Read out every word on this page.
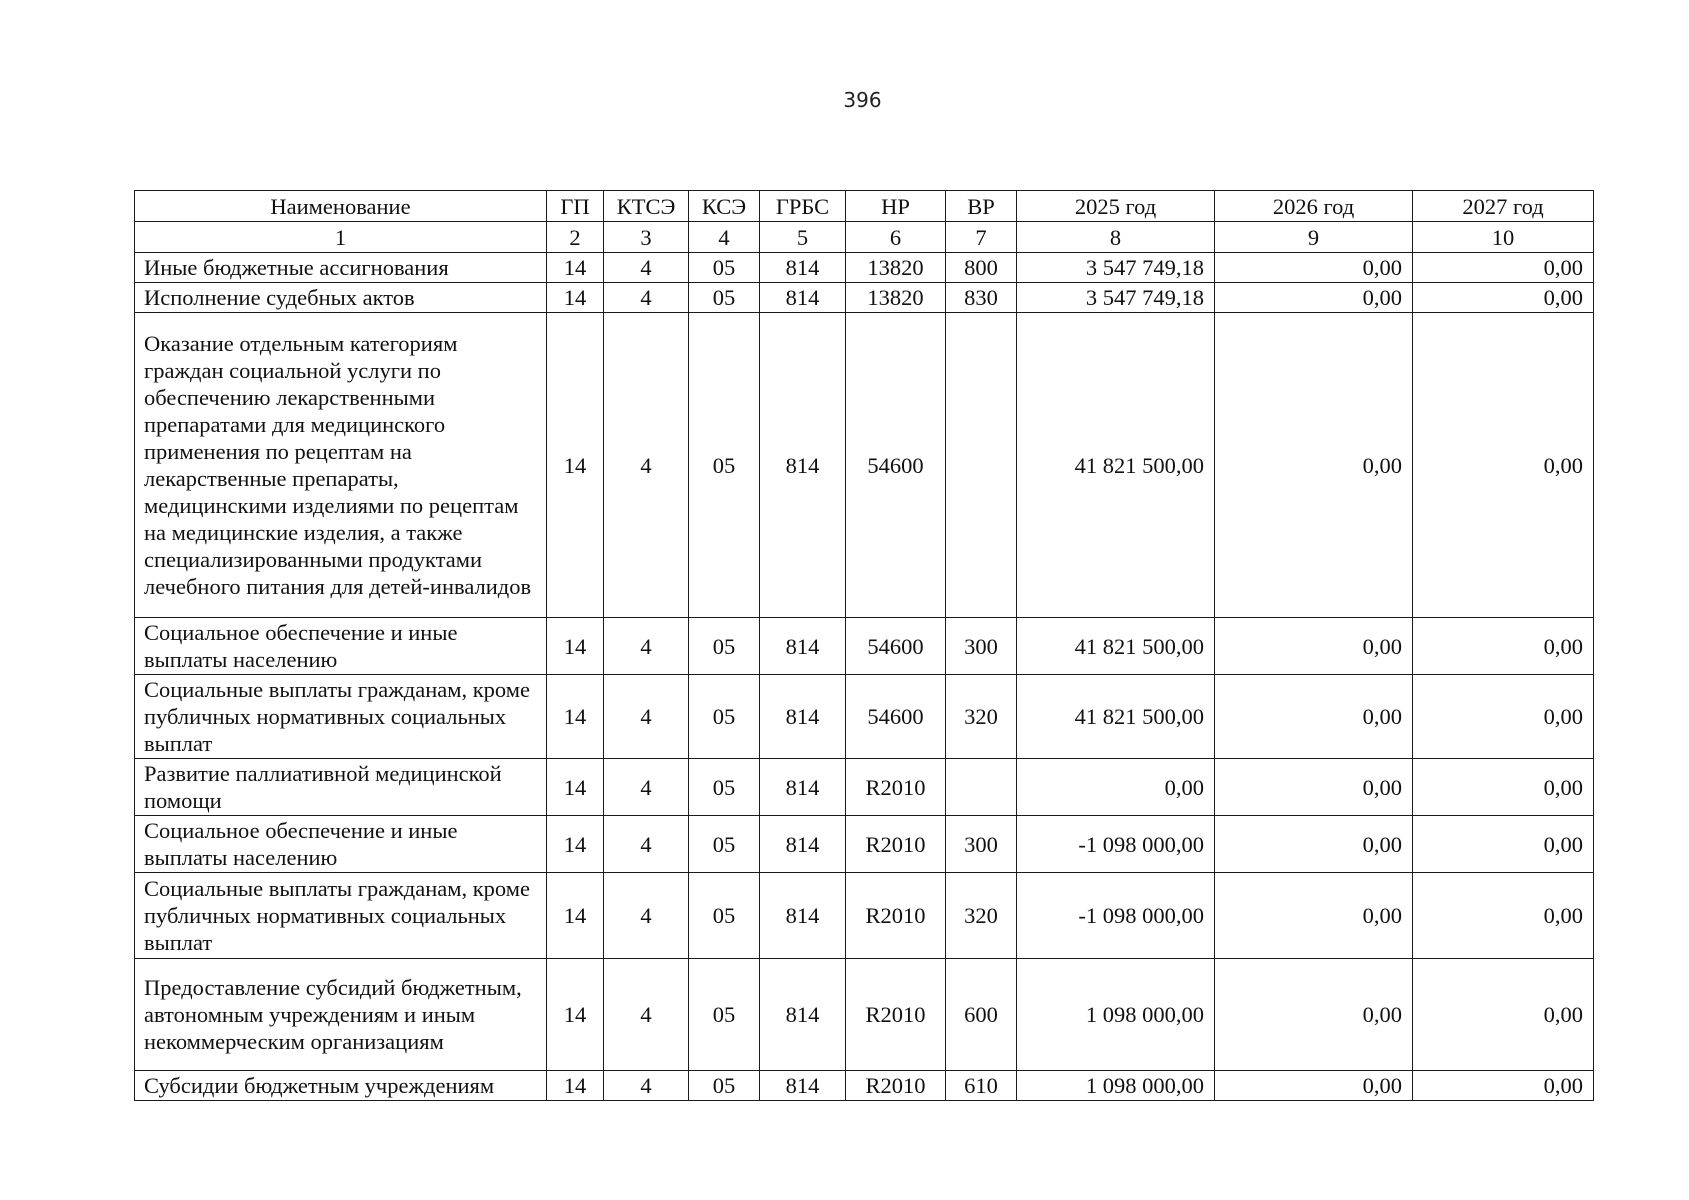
396
Наименование	ГП	КТСЭ	КСЭ	ГРБС	НР	ВР	2025 год	2026 год	2027 год
1	2	3	4	5	6	7	8	9	10
Иные бюджетные ассигнования	14	4	05	814	13820	800	3 547 749,18	0,00	0,00
Исполнение судебных актов	14	4	05	814	13820	830	3 547 749,18	0,00	0,00
Оказание отдельным категориям граждан социальной услуги по обеспечению лекарственными препаратами для медицинского применения по рецептам на лекарственные препараты, медицинскими изделиями по рецептам на медицинские изделия, а также специализированными продуктами лечебного питания для детей-инвалидов	14	4	05	814	54600		41 821 500,00	0,00	0,00
Социальное обеспечение и иные выплаты населению	14	4	05	814	54600	300	41 821 500,00	0,00	0,00
Социальные выплаты гражданам, кроме публичных нормативных социальных выплат	14	4	05	814	54600	320	41 821 500,00	0,00	0,00
Развитие паллиативной медицинской помощи	14	4	05	814	R2010		0,00	0,00	0,00
Социальное обеспечение и иные выплаты населению	14	4	05	814	R2010	300	-1 098 000,00	0,00	0,00
Социальные выплаты гражданам, кроме публичных нормативных социальных выплат	14	4	05	814	R2010	320	-1 098 000,00	0,00	0,00
Предоставление субсидий бюджетным, автономным учреждениям и иным некоммерческим организациям	14	4	05	814	R2010	600	1 098 000,00	0,00	0,00
Субсидии бюджетным учреждениям	14	4	05	814	R2010	610	1 098 000,00	0,00	0,00
